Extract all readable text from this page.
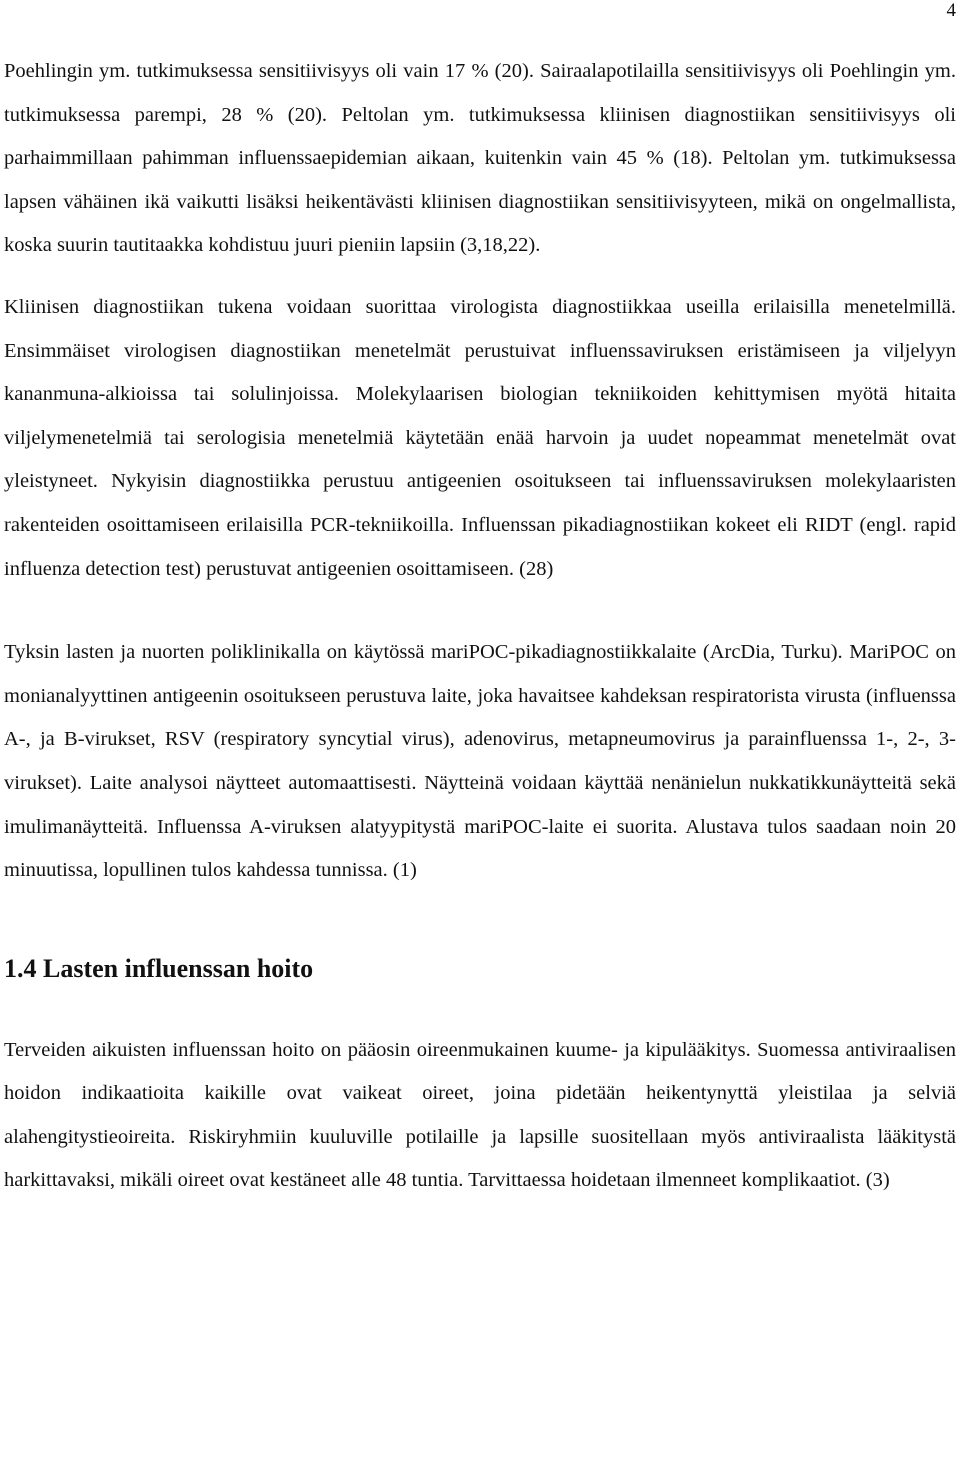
4

Poehlingin ym. tutkimuksessa sensitiivisyys oli vain 17 % (20). Sairaalapotilailla sensitiivisyys oli Poehlingin ym. tutkimuksessa parempi, 28 % (20). Peltolan ym. tutkimuksessa kliinisen diagnostiikan sensitiivisyys oli parhaimmillaan pahimman influenssaepidemian aikaan, kuitenkin vain 45 % (18). Peltolan ym. tutkimuksessa lapsen vähäinen ikä vaikutti lisäksi heikentävästi kliinisen diagnostiikan sensitiivisyyteen, mikä on ongelmallista, koska suurin tautitaakka kohdistuu juuri pieniin lapsiin (3,18,22).

Kliinisen diagnostiikan tukena voidaan suorittaa virologista diagnostiikkaa useilla erilaisilla menetelmillä. Ensimmäiset virologisen diagnostiikan menetelmät perustuivat influenssaviruksen eristämiseen ja viljelyyn kananmuna-alkioissa tai solulinjoissa. Molekylaarisen biologian tekniikoiden kehittymisen myötä hitaita viljelymenetelmiä tai serologisia menetelmiä käytetään enää harvoin ja uudet nopeammat menetelmät ovat yleistyneet. Nykyisin diagnostiikka perustuu antigeenien osoitukseen tai influenssaviruksen molekylaaristen rakenteiden osoittamiseen erilaisilla PCR-tekniikoilla. Influenssan pikadiagnostiikan kokeet eli RIDT (engl. rapid influenza detection test) perustuvat antigeenien osoittamiseen. (28)

Tyksin lasten ja nuorten poliklinikalla on käytössä mariPOC-pikadiagnostiikkalaite (ArcDia, Turku). MariPOC on monianalyyttinen antigeenin osoitukseen perustuva laite, joka havaitsee kahdeksan respiratorista virusta (influenssa A-, ja B-virukset, RSV (respiratory syncytial virus), adenovirus, metapneumovirus ja parainfluenssa 1-, 2-, 3-virukset). Laite analysoi näytteet automaattisesti. Näytteinä voidaan käyttää nenänielun nukkatikkunäytteitä sekä imulimanäytteitä. Influenssa A-viruksen alatyypitystä mariPOC-laite ei suorita. Alustava tulos saadaan noin 20 minuutissa, lopullinen tulos kahdessa tunnissa. (1)

1.4 Lasten influenssan hoito

Terveiden aikuisten influenssan hoito on pääosin oireenmukainen kuume- ja kipulääkitys. Suomessa antiviraalisen hoidon indikaatioita kaikille ovat vaikeat oireet, joina pidetään heikentynyttä yleistilaa ja selviä alahengitystieoireita. Riskiryhmiin kuuluville potilaille ja lapsille suositellaan myös antiviraalista lääkitystä harkittavaksi, mikäli oireet ovat kestäneet alle 48 tuntia. Tarvittaessa hoidetaan ilmenneet komplikaatiot. (3)
